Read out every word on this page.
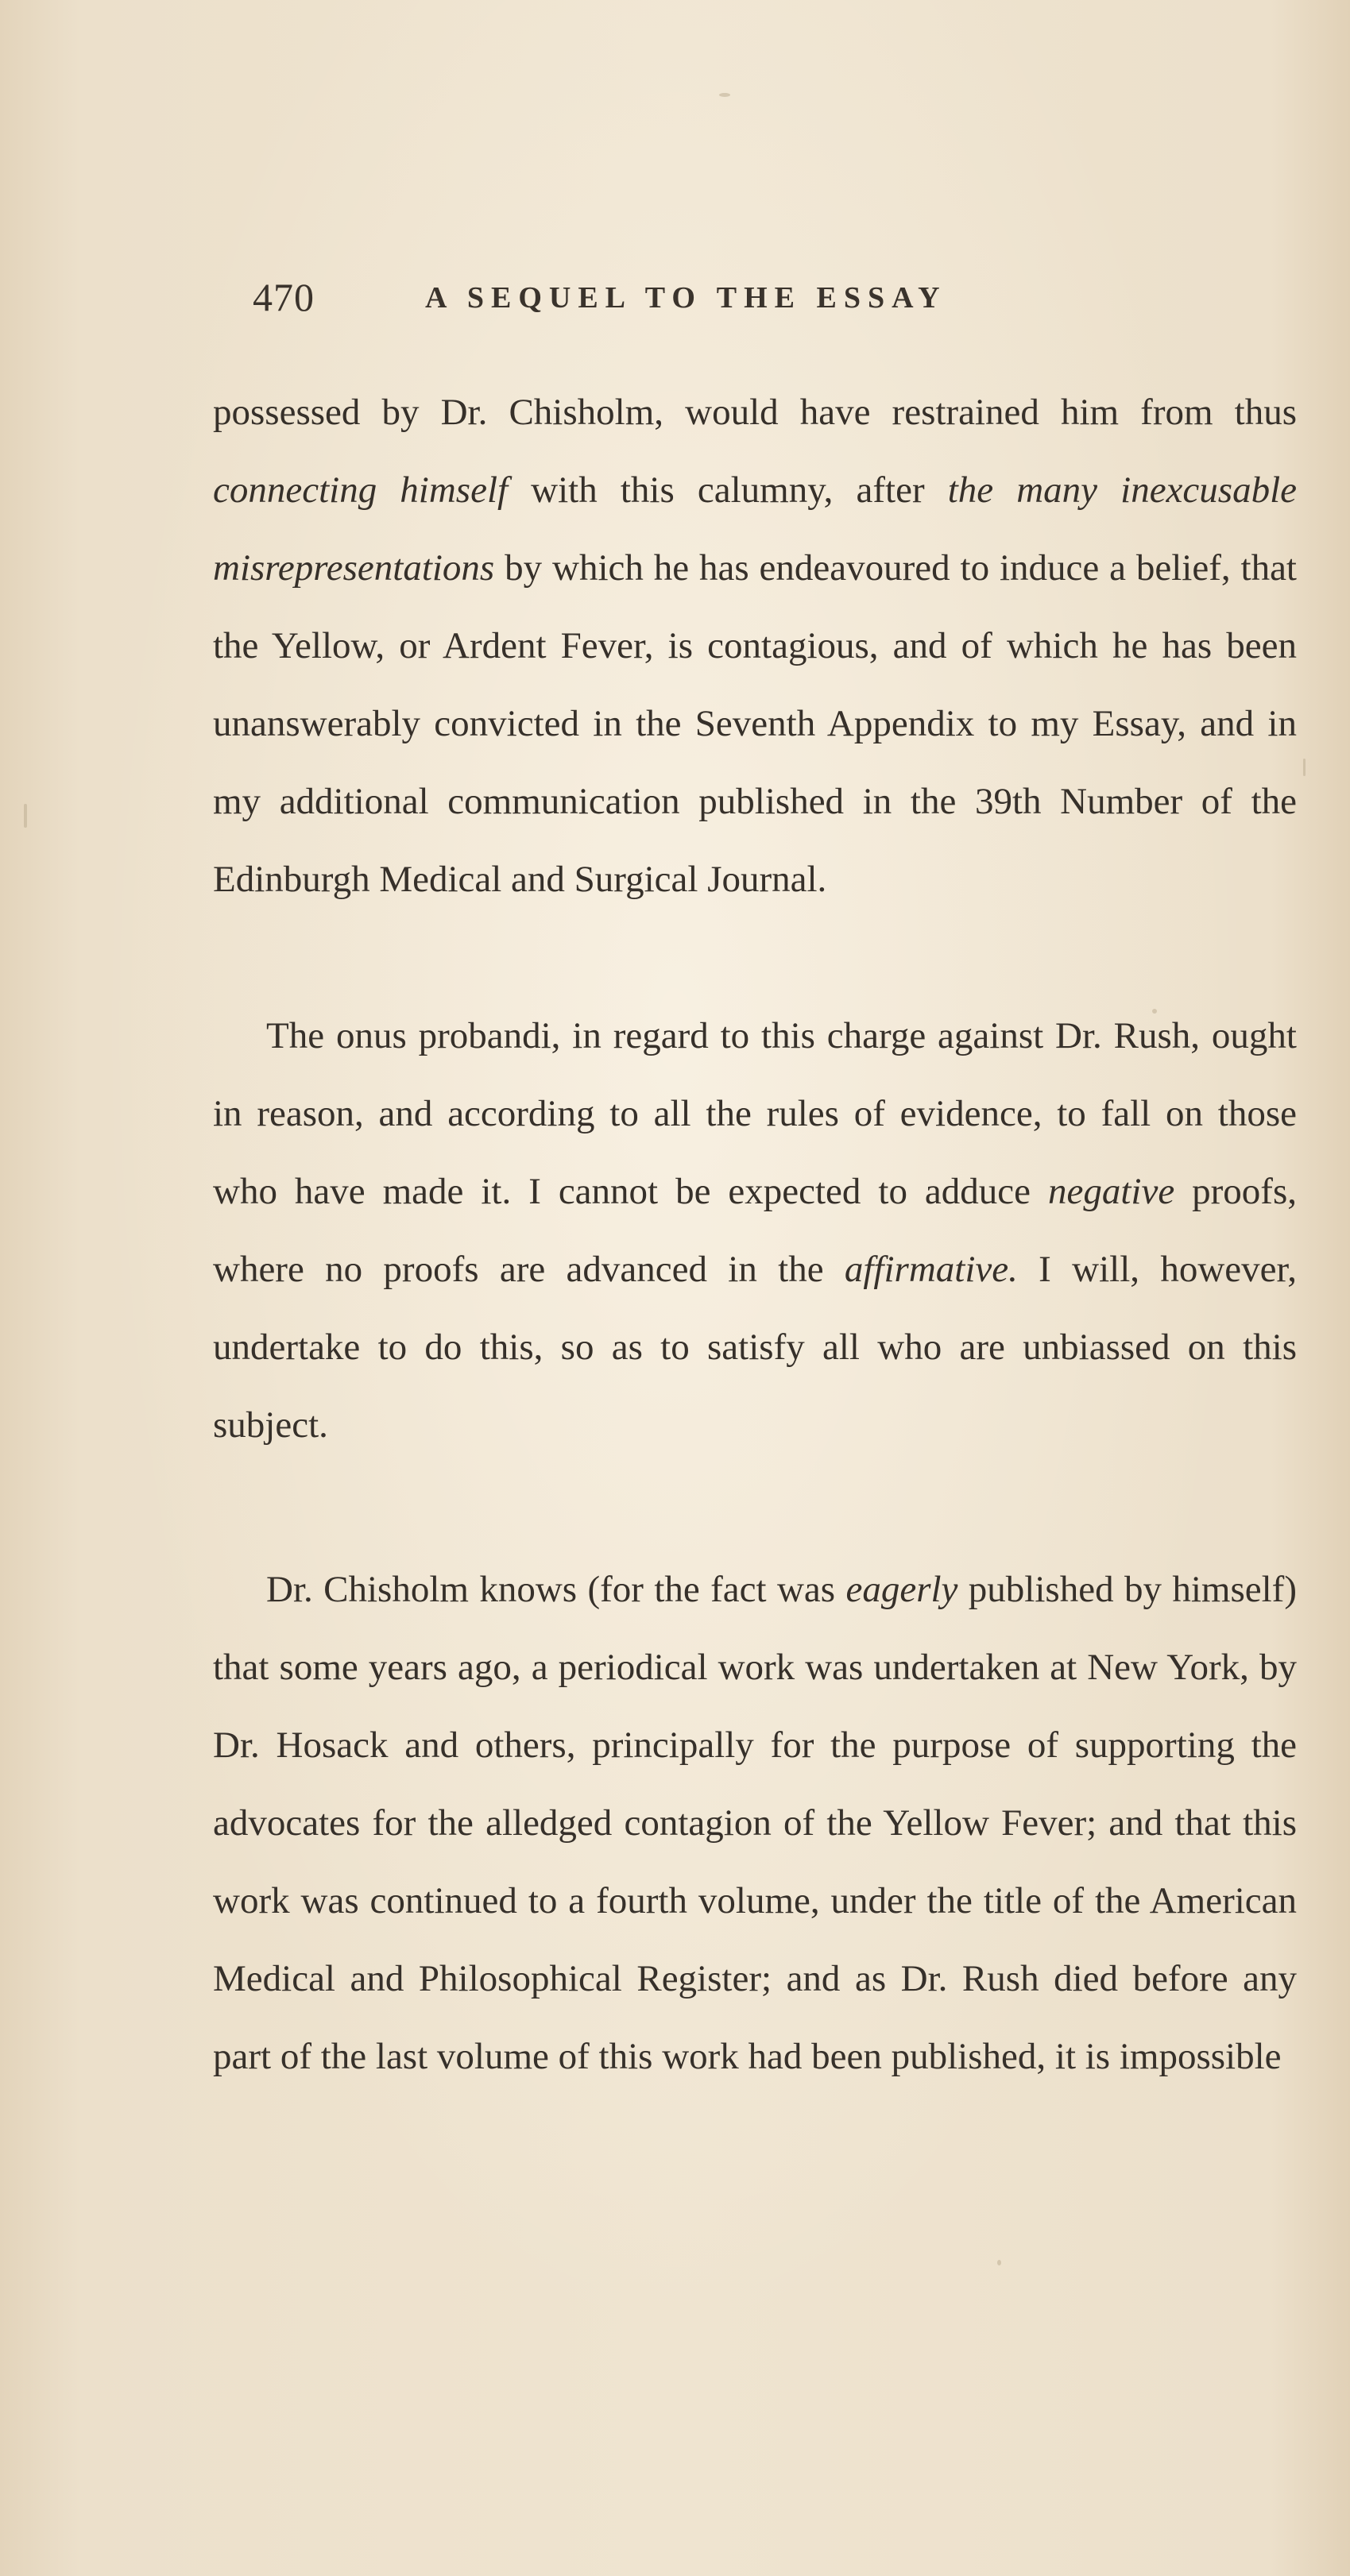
470	A SEQUEL TO THE ESSAY

possessed by Dr. Chisholm, would have restrained him from thus connecting himself with this calumny, after the many inexcusable misrepresentations by which he has endeavoured to induce a belief, that the Yellow, or Ardent Fever, is contagious, and of which he has been unanswerably convicted in the Seventh Appendix to my Essay, and in my additional communication published in the 39th Number of the Edinburgh Medical and Surgical Journal.

The onus probandi, in regard to this charge against Dr. Rush, ought in reason, and according to all the rules of evidence, to fall on those who have made it. I cannot be expected to adduce negative proofs, where no proofs are advanced in the affirmative. I will, however, undertake to do this, so as to satisfy all who are unbiassed on this subject.

Dr. Chisholm knows (for the fact was eagerly published by himself) that some years ago, a periodical work was undertaken at New York, by Dr. Hosack and others, principally for the purpose of supporting the advocates for the alledged contagion of the Yellow Fever; and that this work was continued to a fourth volume, under the title of the American Medical and Philosophical Register; and as Dr. Rush died before any part of the last volume of this work had been published, it is impossible
